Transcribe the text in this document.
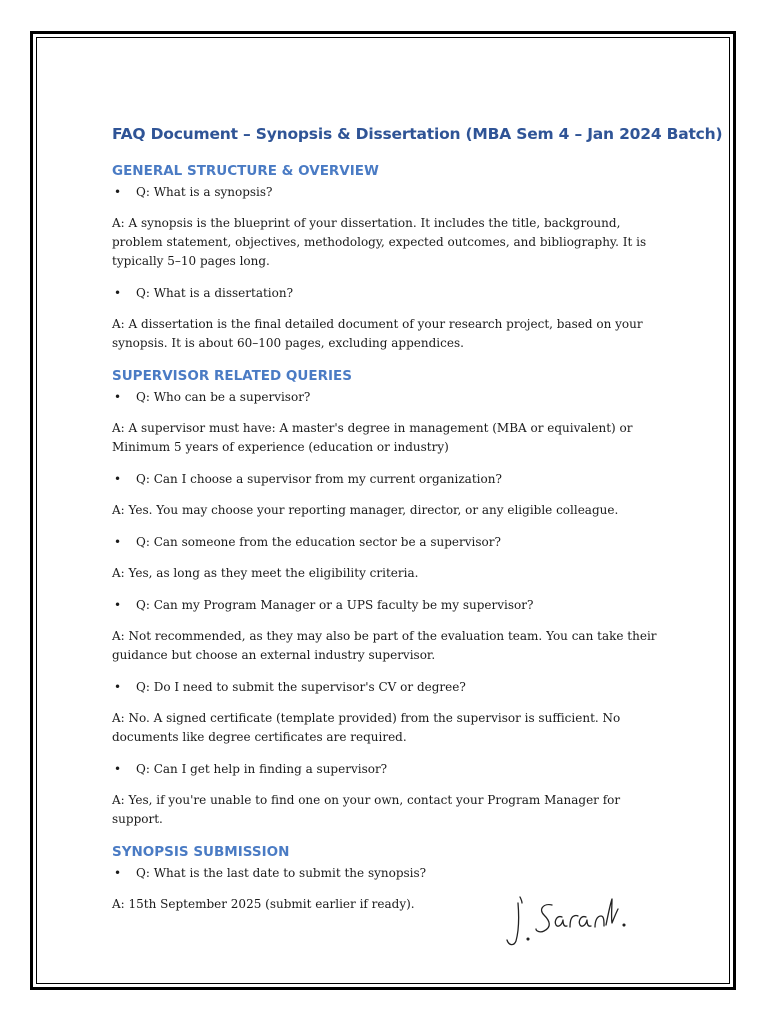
FAQ Document – Synopsis & Dissertation (MBA Sem 4 – Jan 2024 Batch)
GENERAL STRUCTURE & OVERVIEW

•	Q: What is a synopsis?

A: A synopsis is the blueprint of your dissertation. It includes the title, background, problem statement, objectives, methodology, expected outcomes, and bibliography. It is typically 5–10 pages long.

•	Q: What is a dissertation?

A: A dissertation is the final detailed document of your research project, based on your synopsis. It is about 60–100 pages, excluding appendices.

SUPERVISOR RELATED QUERIES

•	Q: Who can be a supervisor?

A: A supervisor must have: A master's degree in management (MBA or equivalent) or Minimum 5 years of experience (education or industry)

•	Q: Can I choose a supervisor from my current organization?

A: Yes. You may choose your reporting manager, director, or any eligible colleague.

•	Q: Can someone from the education sector be a supervisor?

A: Yes, as long as they meet the eligibility criteria.

•	Q: Can my Program Manager or a UPS faculty be my supervisor?

A: Not recommended, as they may also be part of the evaluation team. You can take their guidance but choose an external industry supervisor.

•	Q: Do I need to submit the supervisor's CV or degree?

A: No. A signed certificate (template provided) from the supervisor is sufficient. No documents like degree certificates are required.

•	Q: Can I get help in finding a supervisor?

A: Yes, if you're unable to find one on your own, contact your Program Manager for support.

SYNOPSIS SUBMISSION

•	Q: What is the last date to submit the synopsis?

A: 15th September 2025 (submit earlier if ready).
